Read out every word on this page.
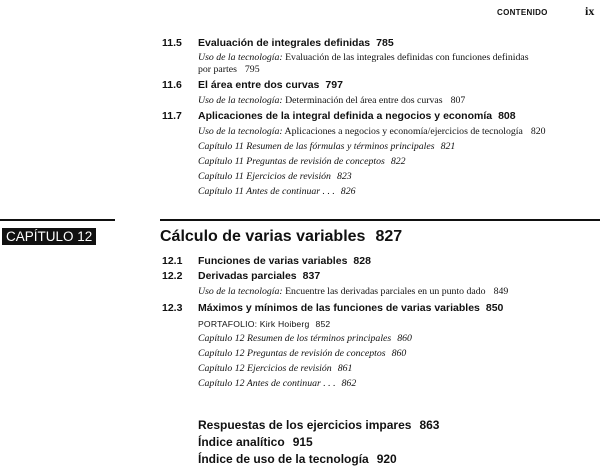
CONTENIDO	ix
11.5 Evaluación de integrales definidas 785
Uso de la tecnología: Evaluación de las integrales definidas con funciones definidas
por partes 795
11.6 El área entre dos curvas 797
Uso de la tecnología: Determinación del área entre dos curvas 807
11.7 Aplicaciones de la integral definida a negocios y economía 808
Uso de la tecnología: Aplicaciones a negocios y economía/ejercicios de tecnología 820
Capítulo 11 Resumen de las fórmulas y términos principales 821
Capítulo 11 Preguntas de revisión de conceptos 822
Capítulo 11 Ejercicios de revisión 823
Capítulo 11 Antes de continuar . . . 826
CAPÍTULO 12	Cálculo de varias variables 827
12.1 Funciones de varias variables 828
12.2 Derivadas parciales 837
Uso de la tecnología: Encuentre las derivadas parciales en un punto dado 849
12.3 Máximos y mínimos de las funciones de varias variables 850
PORTAFOLIO: Kirk Hoiberg 852
Capítulo 12 Resumen de los términos principales 860
Capítulo 12 Preguntas de revisión de conceptos 860
Capítulo 12 Ejercicios de revisión 861
Capítulo 12 Antes de continuar . . . 862
Respuestas de los ejercicios impares 863
Índice analítico 915
Índice de uso de la tecnología 920
